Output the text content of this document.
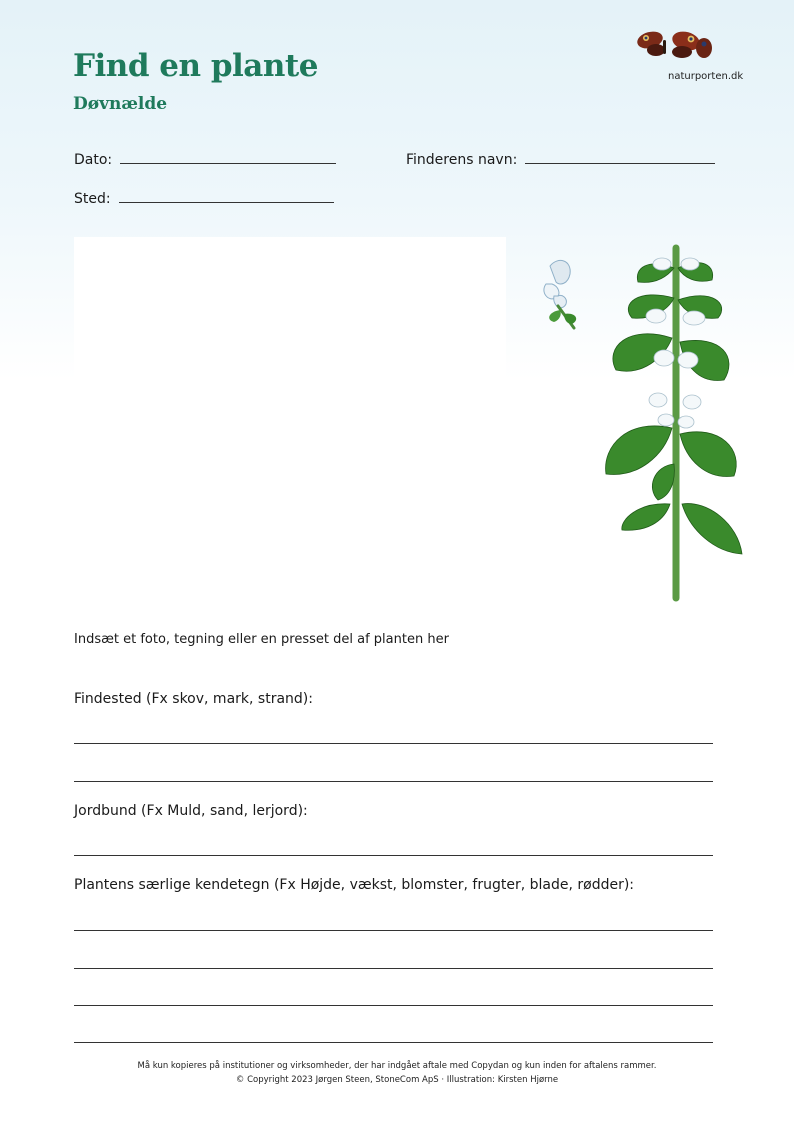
Find en plante
Døvnælde
naturporten.dk
Dato:	Finderens navn:
Sted:

Indsæt et foto, tegning eller en presset del af planten her

Findested (Fx skov, mark, strand):

Jordbund (Fx Muld, sand, lerjord):

Plantens særlige kendetegn (Fx Højde, vækst, blomster, frugter, blade, rødder):

Må kun kopieres på institutioner og virksomheder, der har indgået aftale med Copydan og kun inden for aftalens rammer.
© Copyright 2023 Jørgen Steen, StoneCom ApS · Illustration: Kirsten Hjørne
